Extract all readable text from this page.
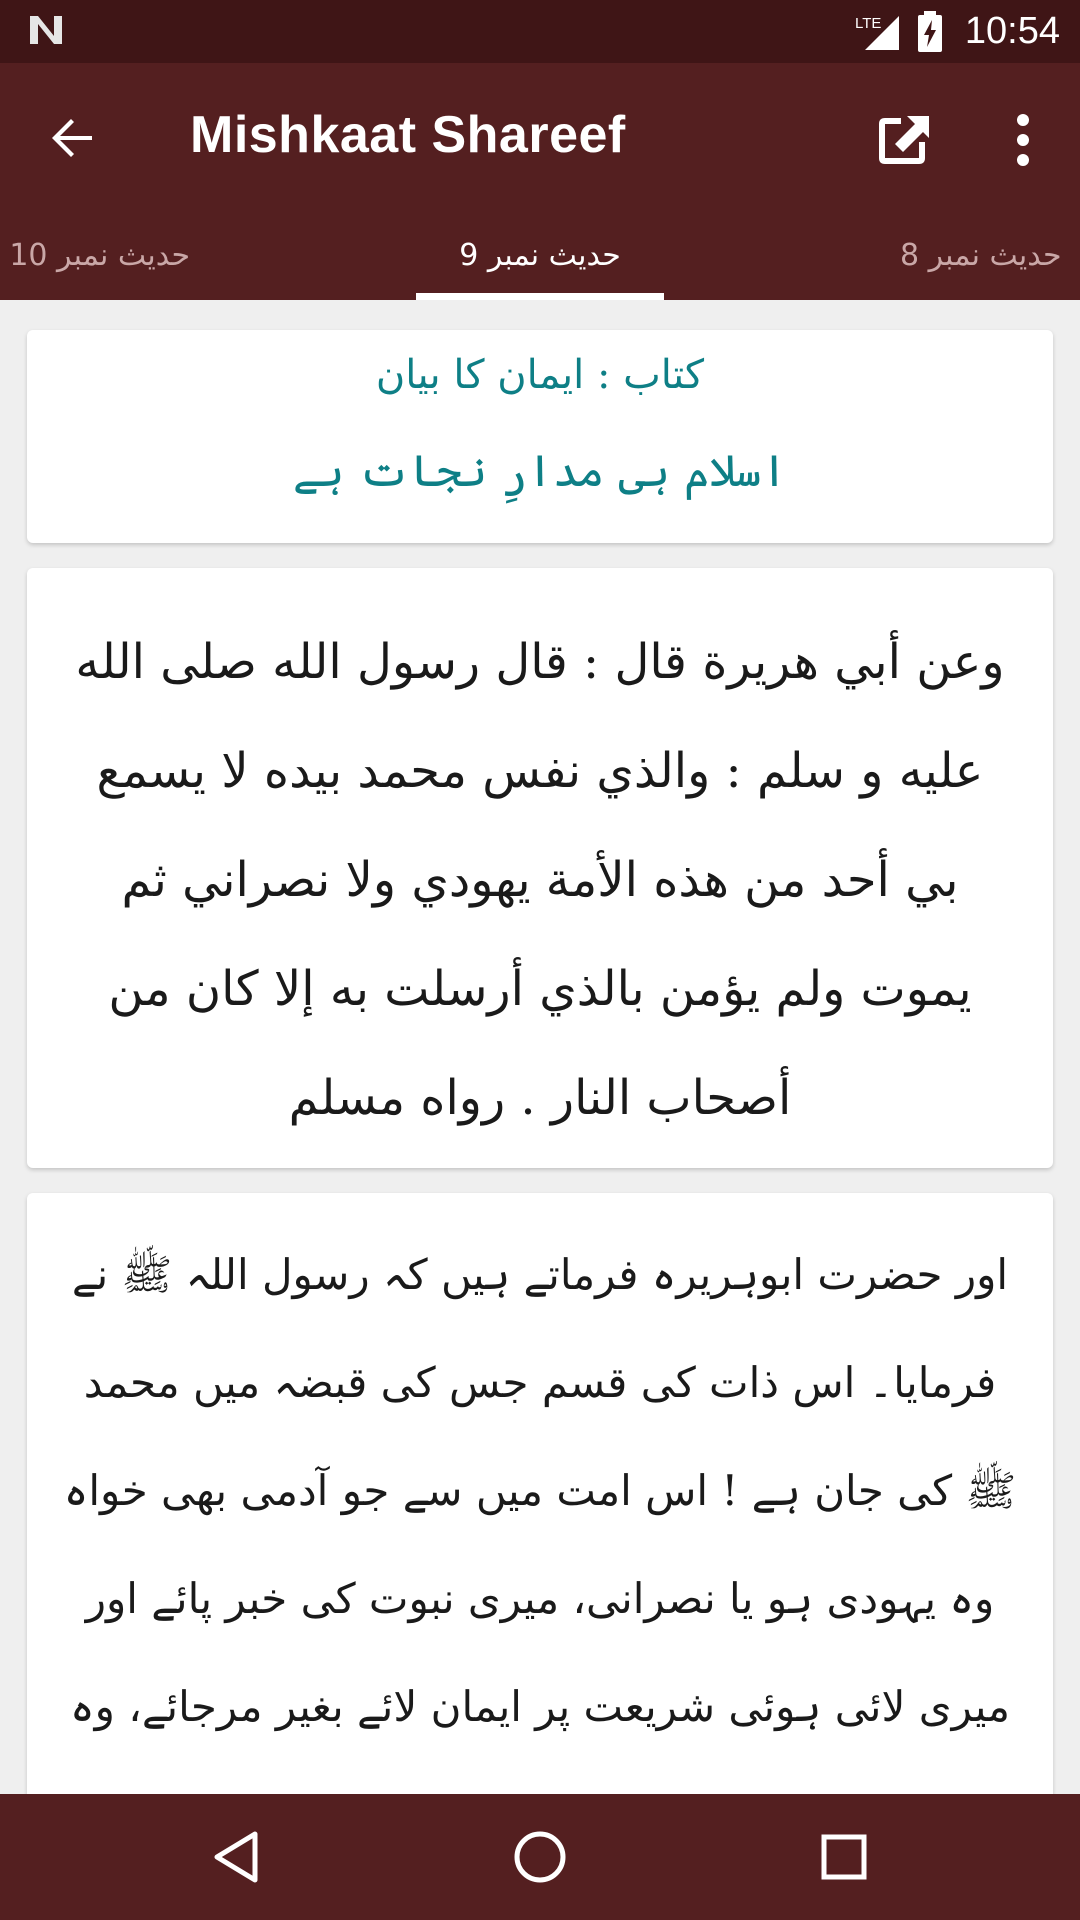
LTE 10:54
Mishkaat Shareef
حدیث نمبر 10	حدیث نمبر 9	حدیث نمبر 8
کتاب : ایمان کا بیان
اسلام ہی مدارِ نجات ہے
وعن أبي هريرة قال : قال رسول الله صلى الله عليه و سلم : والذي نفس محمد بيده لا يسمع بي أحد من هذه الأمة يهودي ولا نصراني ثم يموت ولم يؤمن بالذي أرسلت به إلا كان من أصحاب النار . رواه مسلم
اور حضرت ابوہریرہ فرماتے ہیں کہ رسول اللہ ﷺ نے فرمایا۔ اس ذات کی قسم جس کی قبضہ میں محمد ﷺ کی جان ہے ! اس امت میں سے جو آدمی بھی خواہ وہ یہودی ہو یا نصرانی، میری نبوت کی خبر پائے اور میری لائی ہوئی شریعت پر ایمان لائے بغیر مرجائے، وہ
